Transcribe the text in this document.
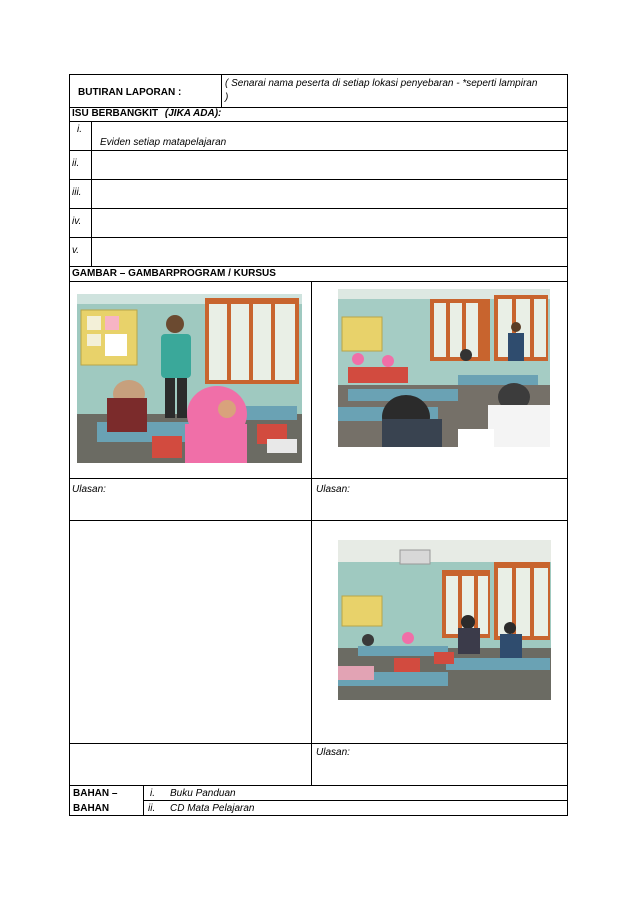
BUTIRAN LAPORAN :
( Senarai nama peserta di setiap lokasi penyebaran - *seperti lampiran
)
ISU BERBANGKIT (JIKA ADA):
i.
Eviden setiap matapelajaran
ii.
iii.
iv.
v.
GAMBAR – GAMBARPROGRAM / KURSUS
Ulasan:	Ulasan:
Ulasan:
BAHAN –
BAHAN
i. Buku Panduan
ii. CD Mata Pelajaran
